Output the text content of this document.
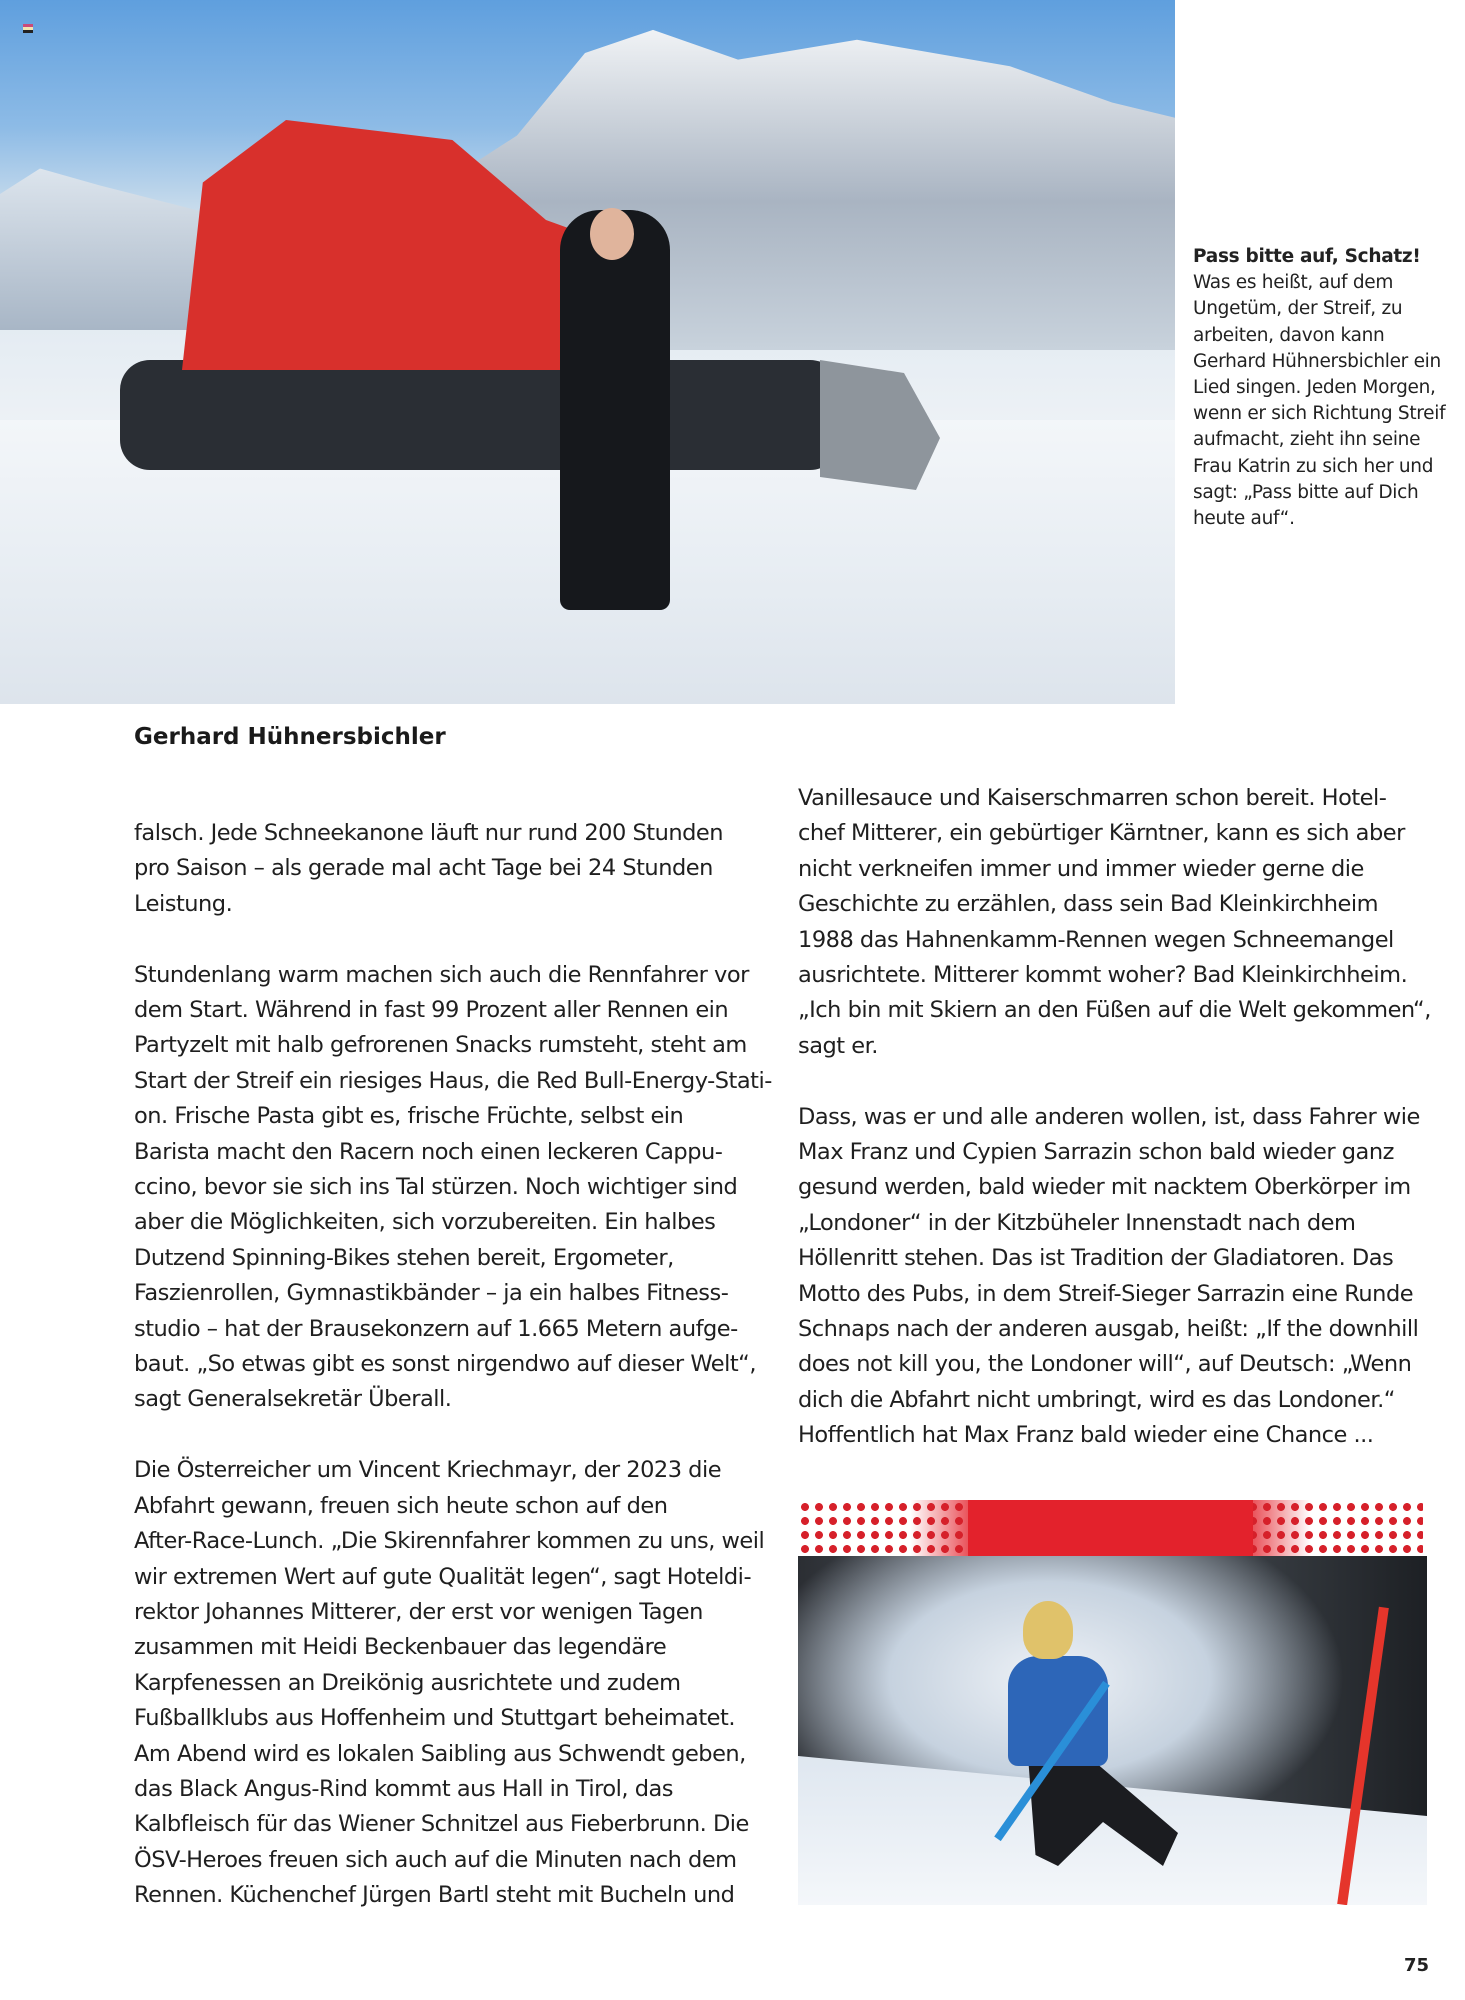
Pass bitte auf, Schatz!
Was es heißt, auf dem
Ungetüm, der Streif, zu
arbeiten, davon kann
Gerhard Hühnersbichler ein
Lied singen. Jeden Morgen,
wenn er sich Richtung Streif
aufmacht, zieht ihn seine
Frau Katrin zu sich her und
sagt: „Pass bitte auf Dich
heute auf“.
Gerhard Hühnersbichler

falsch. Jede Schneekanone läuft nur rund 200 Stunden
pro Saison – als gerade mal acht Tage bei 24 Stunden
Leistung.

Stundenlang warm machen sich auch die Rennfahrer vor
dem Start. Während in fast 99 Prozent aller Rennen ein
Partyzelt mit halb gefrorenen Snacks rumsteht, steht am
Start der Streif ein riesiges Haus, die Red Bull-Energy-Stati-
on. Frische Pasta gibt es, frische Früchte, selbst ein
Barista macht den Racern noch einen leckeren Cappu-
ccino, bevor sie sich ins Tal stürzen. Noch wichtiger sind
aber die Möglichkeiten, sich vorzubereiten. Ein halbes
Dutzend Spinning-Bikes stehen bereit, Ergometer,
Faszienrollen, Gymnastikbänder – ja ein halbes Fitness-
studio – hat der Brausekonzern auf 1.665 Metern aufge-
baut. „So etwas gibt es sonst nirgendwo auf dieser Welt“,
sagt Generalsekretär Überall.

Die Österreicher um Vincent Kriechmayr, der 2023 die
Abfahrt gewann, freuen sich heute schon auf den
After-Race-Lunch. „Die Skirennfahrer kommen zu uns, weil
wir extremen Wert auf gute Qualität legen“, sagt Hoteldi-
rektor Johannes Mitterer, der erst vor wenigen Tagen
zusammen mit Heidi Beckenbauer das legendäre
Karpfenessen an Dreikönig ausrichtete und zudem
Fußballklubs aus Hoffenheim und Stuttgart beheimatet.
Am Abend wird es lokalen Saibling aus Schwendt geben,
das Black Angus-Rind kommt aus Hall in Tirol, das
Kalbfleisch für das Wiener Schnitzel aus Fieberbrunn. Die
ÖSV-Heroes freuen sich auch auf die Minuten nach dem
Rennen. Küchenchef Jürgen Bartl steht mit Bucheln und

Vanillesauce und Kaiserschmarren schon bereit. Hotel-
chef Mitterer, ein gebürtiger Kärntner, kann es sich aber
nicht verkneifen immer und immer wieder gerne die
Geschichte zu erzählen, dass sein Bad Kleinkirchheim
1988 das Hahnenkamm-Rennen wegen Schneemangel
ausrichtete. Mitterer kommt woher? Bad Kleinkirchheim.
„Ich bin mit Skiern an den Füßen auf die Welt gekommen“,
sagt er.

Dass, was er und alle anderen wollen, ist, dass Fahrer wie
Max Franz und Cypien Sarrazin schon bald wieder ganz
gesund werden, bald wieder mit nacktem Oberkörper im
„Londoner“ in der Kitzbüheler Innenstadt nach dem
Höllenritt stehen. Das ist Tradition der Gladiatoren. Das
Motto des Pubs, in dem Streif-Sieger Sarrazin eine Runde
Schnaps nach der anderen ausgab, heißt: „If the downhill
does not kill you, the Londoner will“, auf Deutsch: „Wenn
dich die Abfahrt nicht umbringt, wird es das Londoner.“
Hoffentlich hat Max Franz bald wieder eine Chance ...

75
